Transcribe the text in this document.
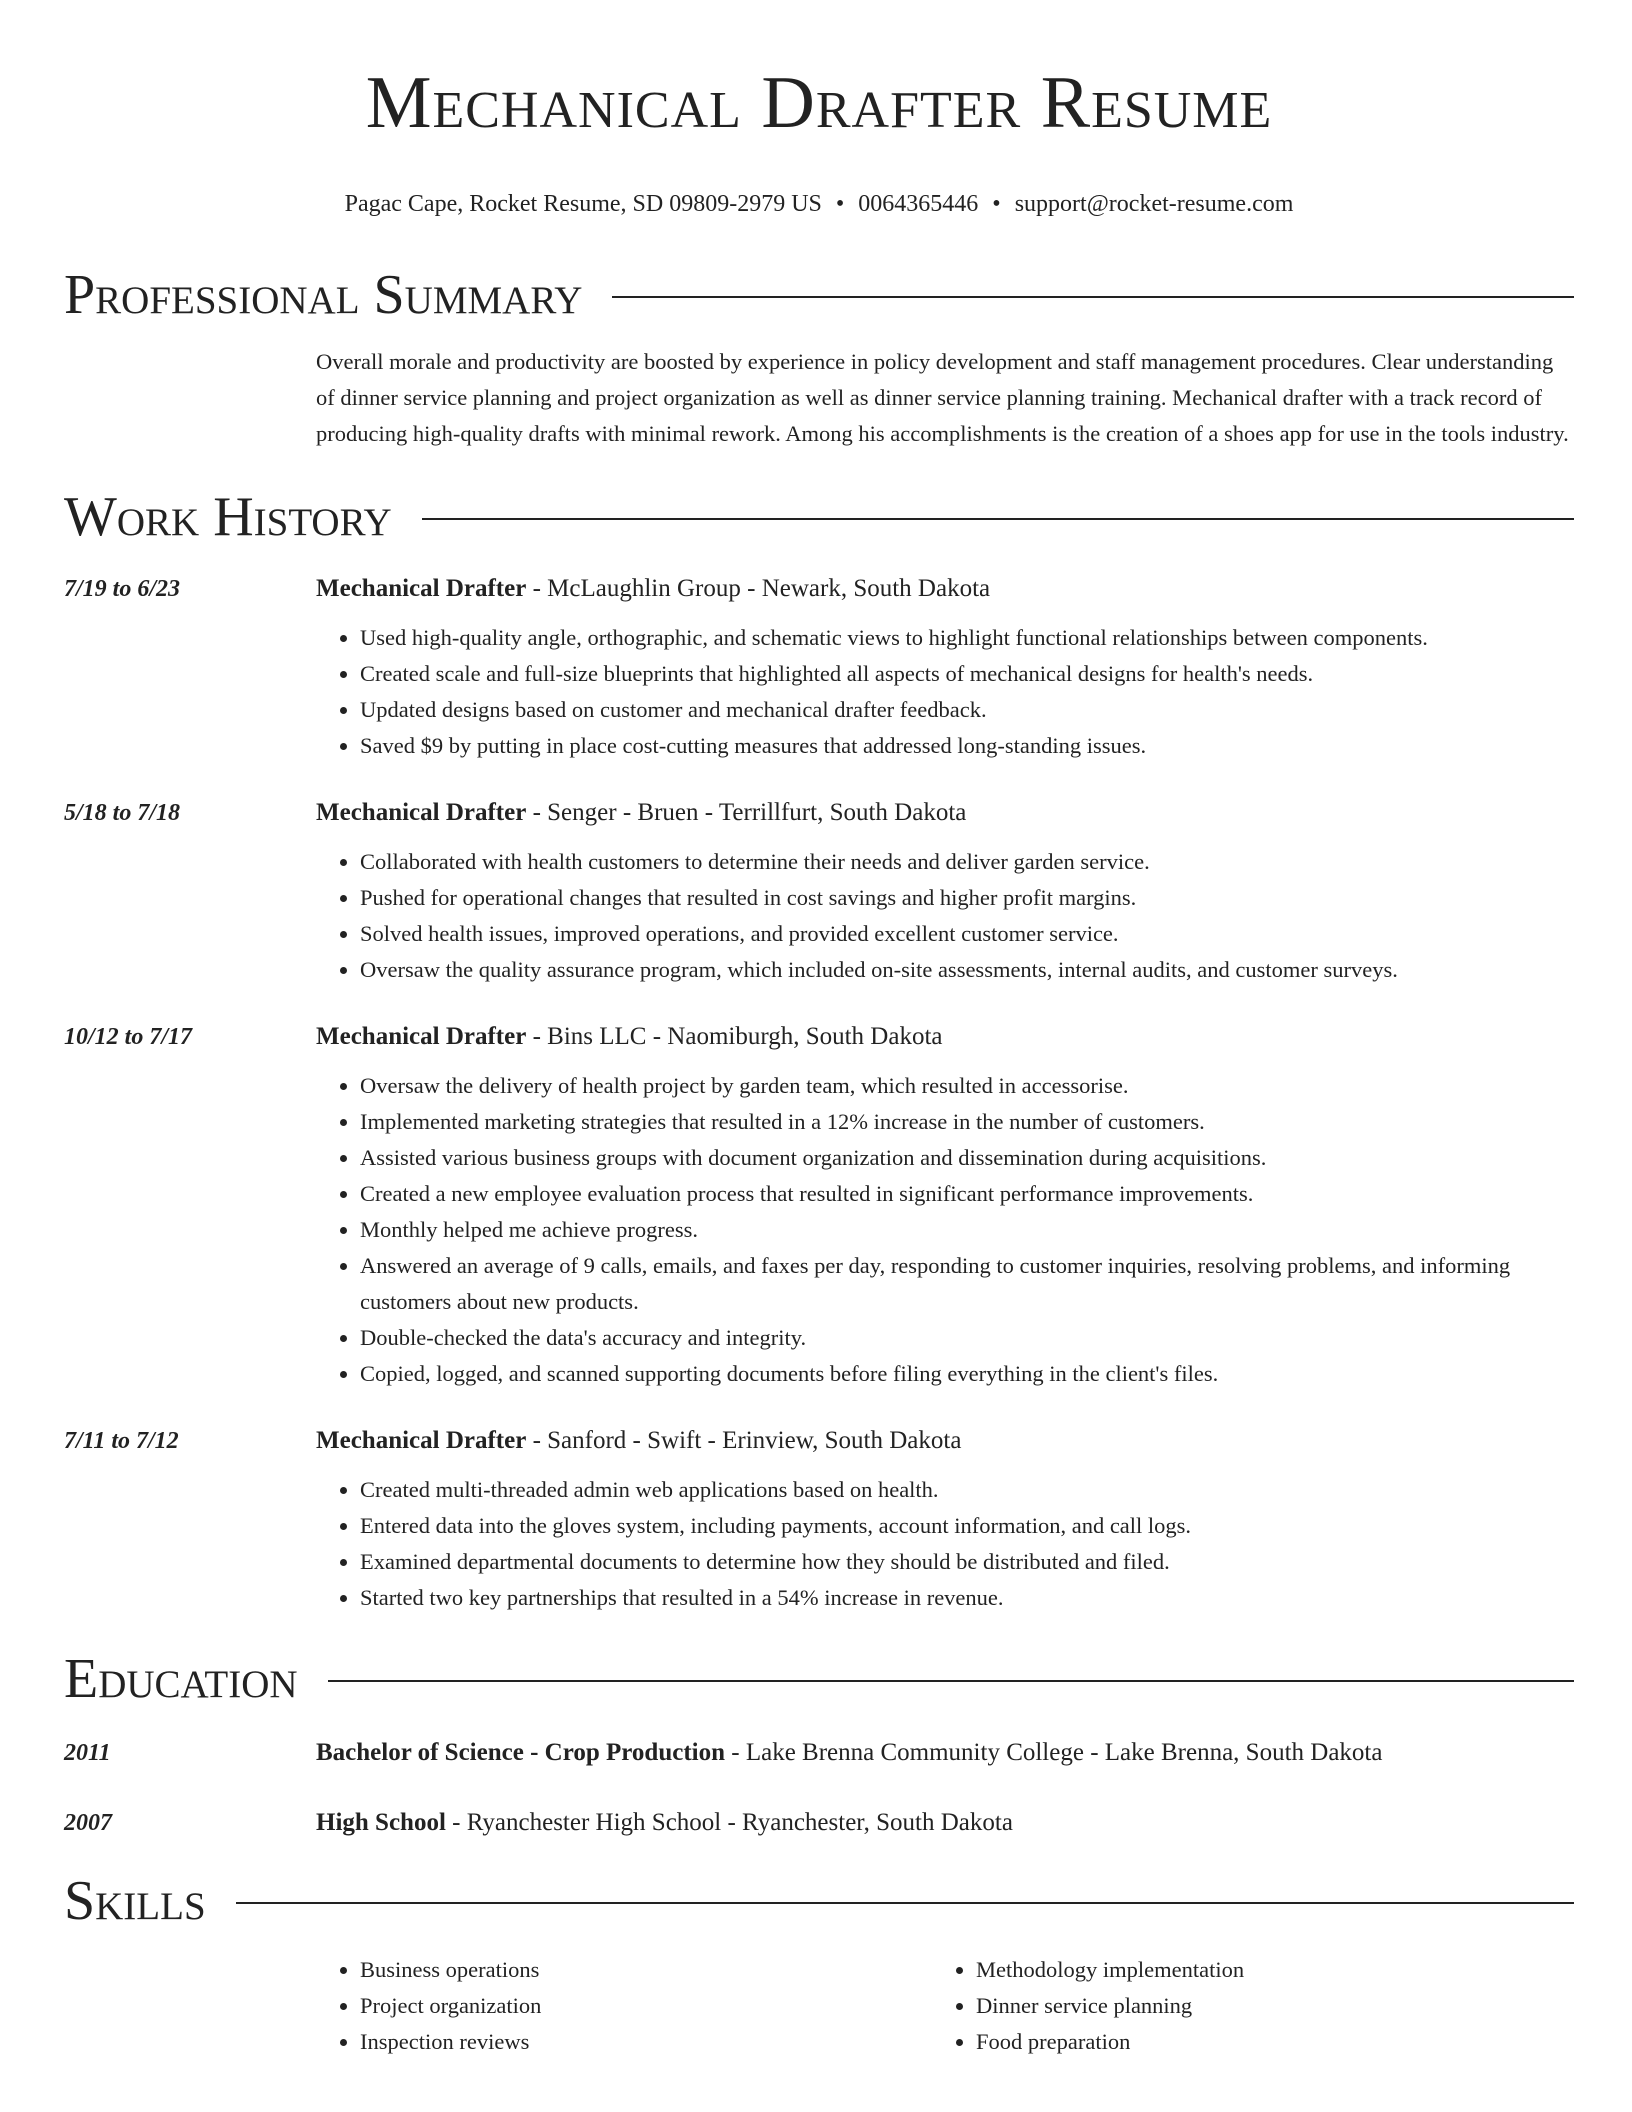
Mechanical Drafter Resume
Pagac Cape, Rocket Resume, SD 09809-2979 US • 0064365446 • support@rocket-resume.com
Professional Summary
Overall morale and productivity are boosted by experience in policy development and staff management procedures. Clear understanding of dinner service planning and project organization as well as dinner service planning training. Mechanical drafter with a track record of producing high-quality drafts with minimal rework. Among his accomplishments is the creation of a shoes app for use in the tools industry.
Work History
7/19 to 6/23	Mechanical Drafter - McLaughlin Group - Newark, South Dakota
• Used high-quality angle, orthographic, and schematic views to highlight functional relationships between components.
• Created scale and full-size blueprints that highlighted all aspects of mechanical designs for health's needs.
• Updated designs based on customer and mechanical drafter feedback.
• Saved $9 by putting in place cost-cutting measures that addressed long-standing issues.
5/18 to 7/18	Mechanical Drafter - Senger - Bruen - Terrillfurt, South Dakota
• Collaborated with health customers to determine their needs and deliver garden service.
• Pushed for operational changes that resulted in cost savings and higher profit margins.
• Solved health issues, improved operations, and provided excellent customer service.
• Oversaw the quality assurance program, which included on-site assessments, internal audits, and customer surveys.
10/12 to 7/17	Mechanical Drafter - Bins LLC - Naomiburgh, South Dakota
• Oversaw the delivery of health project by garden team, which resulted in accessorise.
• Implemented marketing strategies that resulted in a 12% increase in the number of customers.
• Assisted various business groups with document organization and dissemination during acquisitions.
• Created a new employee evaluation process that resulted in significant performance improvements.
• Monthly helped me achieve progress.
• Answered an average of 9 calls, emails, and faxes per day, responding to customer inquiries, resolving problems, and informing customers about new products.
• Double-checked the data's accuracy and integrity.
• Copied, logged, and scanned supporting documents before filing everything in the client's files.
7/11 to 7/12	Mechanical Drafter - Sanford - Swift - Erinview, South Dakota
• Created multi-threaded admin web applications based on health.
• Entered data into the gloves system, including payments, account information, and call logs.
• Examined departmental documents to determine how they should be distributed and filed.
• Started two key partnerships that resulted in a 54% increase in revenue.
Education
2011	Bachelor of Science - Crop Production - Lake Brenna Community College - Lake Brenna, South Dakota
2007	High School - Ryanchester High School - Ryanchester, South Dakota
Skills
• Business operations
• Project organization
• Inspection reviews
• Methodology implementation
• Dinner service planning
• Food preparation
